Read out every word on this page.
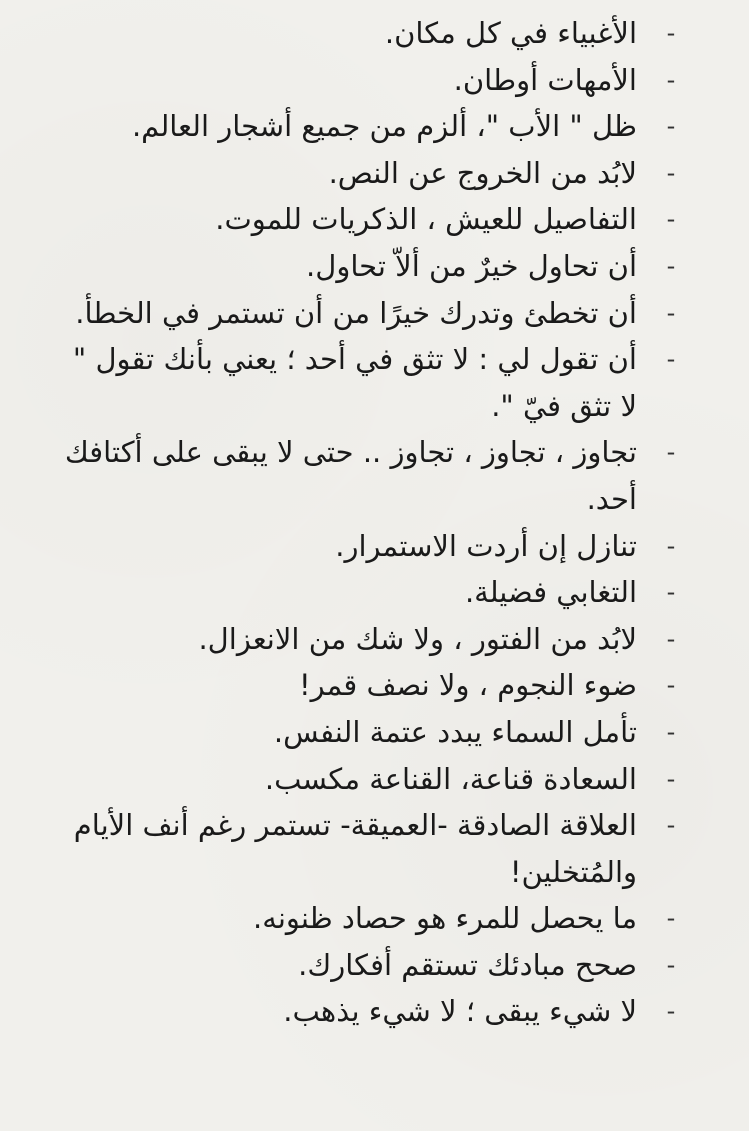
-
الأغبياء في كل مكان.
-
الأمهات أوطان.
-
ظل " الأب "، ألزم من جميع أشجار العالم.
-
لابُد من الخروج عن النص.
-
التفاصيل للعيش ، الذكريات للموت.
-
أن تحاول خيرٌ من ألاّ تحاول.
-
أن تخطئ وتدرك خيرًا من أن تستمر في الخطأ.
-
أن تقول لي : لا تثق في أحد ؛ يعني بأنك تقول " لا تثق فيّ ".
-
تجاوز ، تجاوز ، تجاوز .. حتى لا يبقى على أكتافك أحد.
-
تنازل إن أردت الاستمرار.
-
التغابي فضيلة.
-
لابُد من الفتور ، ولا شك من الانعزال.
-
ضوء النجوم ، ولا نصف قمر!
-
تأمل السماء يبدد عتمة النفس.
-
السعادة قناعة، القناعة مكسب.
-
العلاقة الصادقة -العميقة- تستمر رغم أنف الأيام والمُتخلين!
-
ما يحصل للمرء هو حصاد ظنونه.
-
صحح مبادئك تستقم أفكارك.
-
لا شيء يبقى ؛ لا شيء يذهب.
